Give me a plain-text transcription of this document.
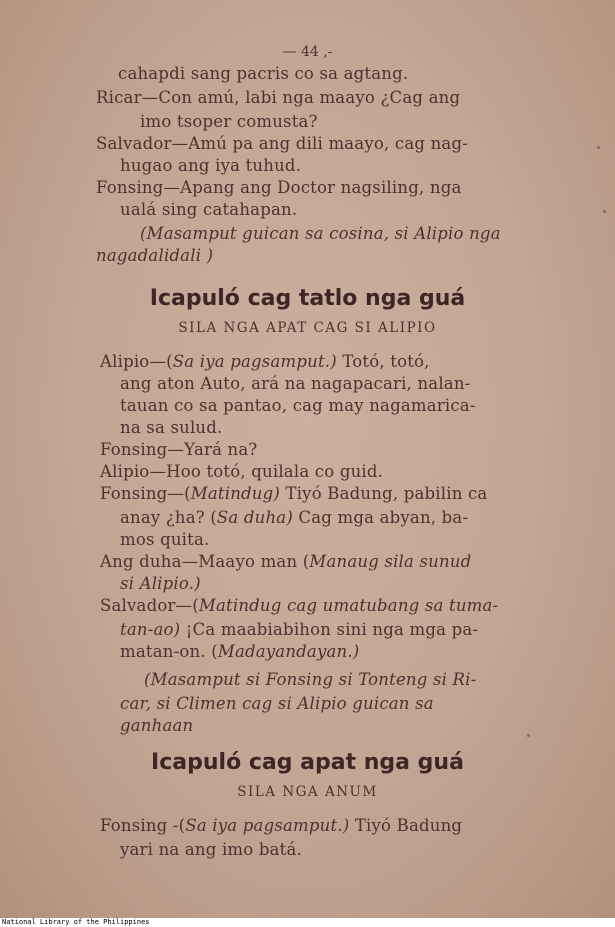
— 44 ,-
cahapdi sang pacris co sa agtang.
Ricar—Con amú, labi nga maayo ¿Cag ang
imo tsoper comusta?
Salvador—Amú pa ang dili maayo, cag nag-
hugao ang iya tuhud.
Fonsing—Apang ang Doctor nagsiling, nga
ualá sing catahapan.
(Masamput guican sa cosina, si Alipio nga
nagadalidali )
Icapuló cag tatlo nga guá
SILA NGA APAT CAG SI ALIPIO
Alipio—(Sa iya pagsamput.) Totó, totó,
ang aton Auto, ará na nagapacari, nalan-
tauan co sa pantao, cag may nagamarica-
na sa sulud.
Fonsing—Yará na?
Alipio—Hoo totó, quilala co guid.
Fonsing—(Matindug) Tiyó Badung, pabilin ca
anay ¿ha? (Sa duha) Cag mga abyan, ba-
mos quita.
Ang duha—Maayo man (Manaug sila sunud
si Alipio.)
Salvador—(Matindug cag umatubang sa tuma-
tan-ao) ¡Ca maabiabihon sini nga mga pa-
matan-on. (Madayandayan.)
(Masamput si Fonsing si Tonteng si Ri-
car, si Climen cag si Alipio guican sa
ganhaan
Icapuló cag apat nga guá
SILA NGA ANUM
Fonsing -(Sa iya pagsamput.) Tiyó Badung
yari na ang imo batá.
National Library of the Philippines
